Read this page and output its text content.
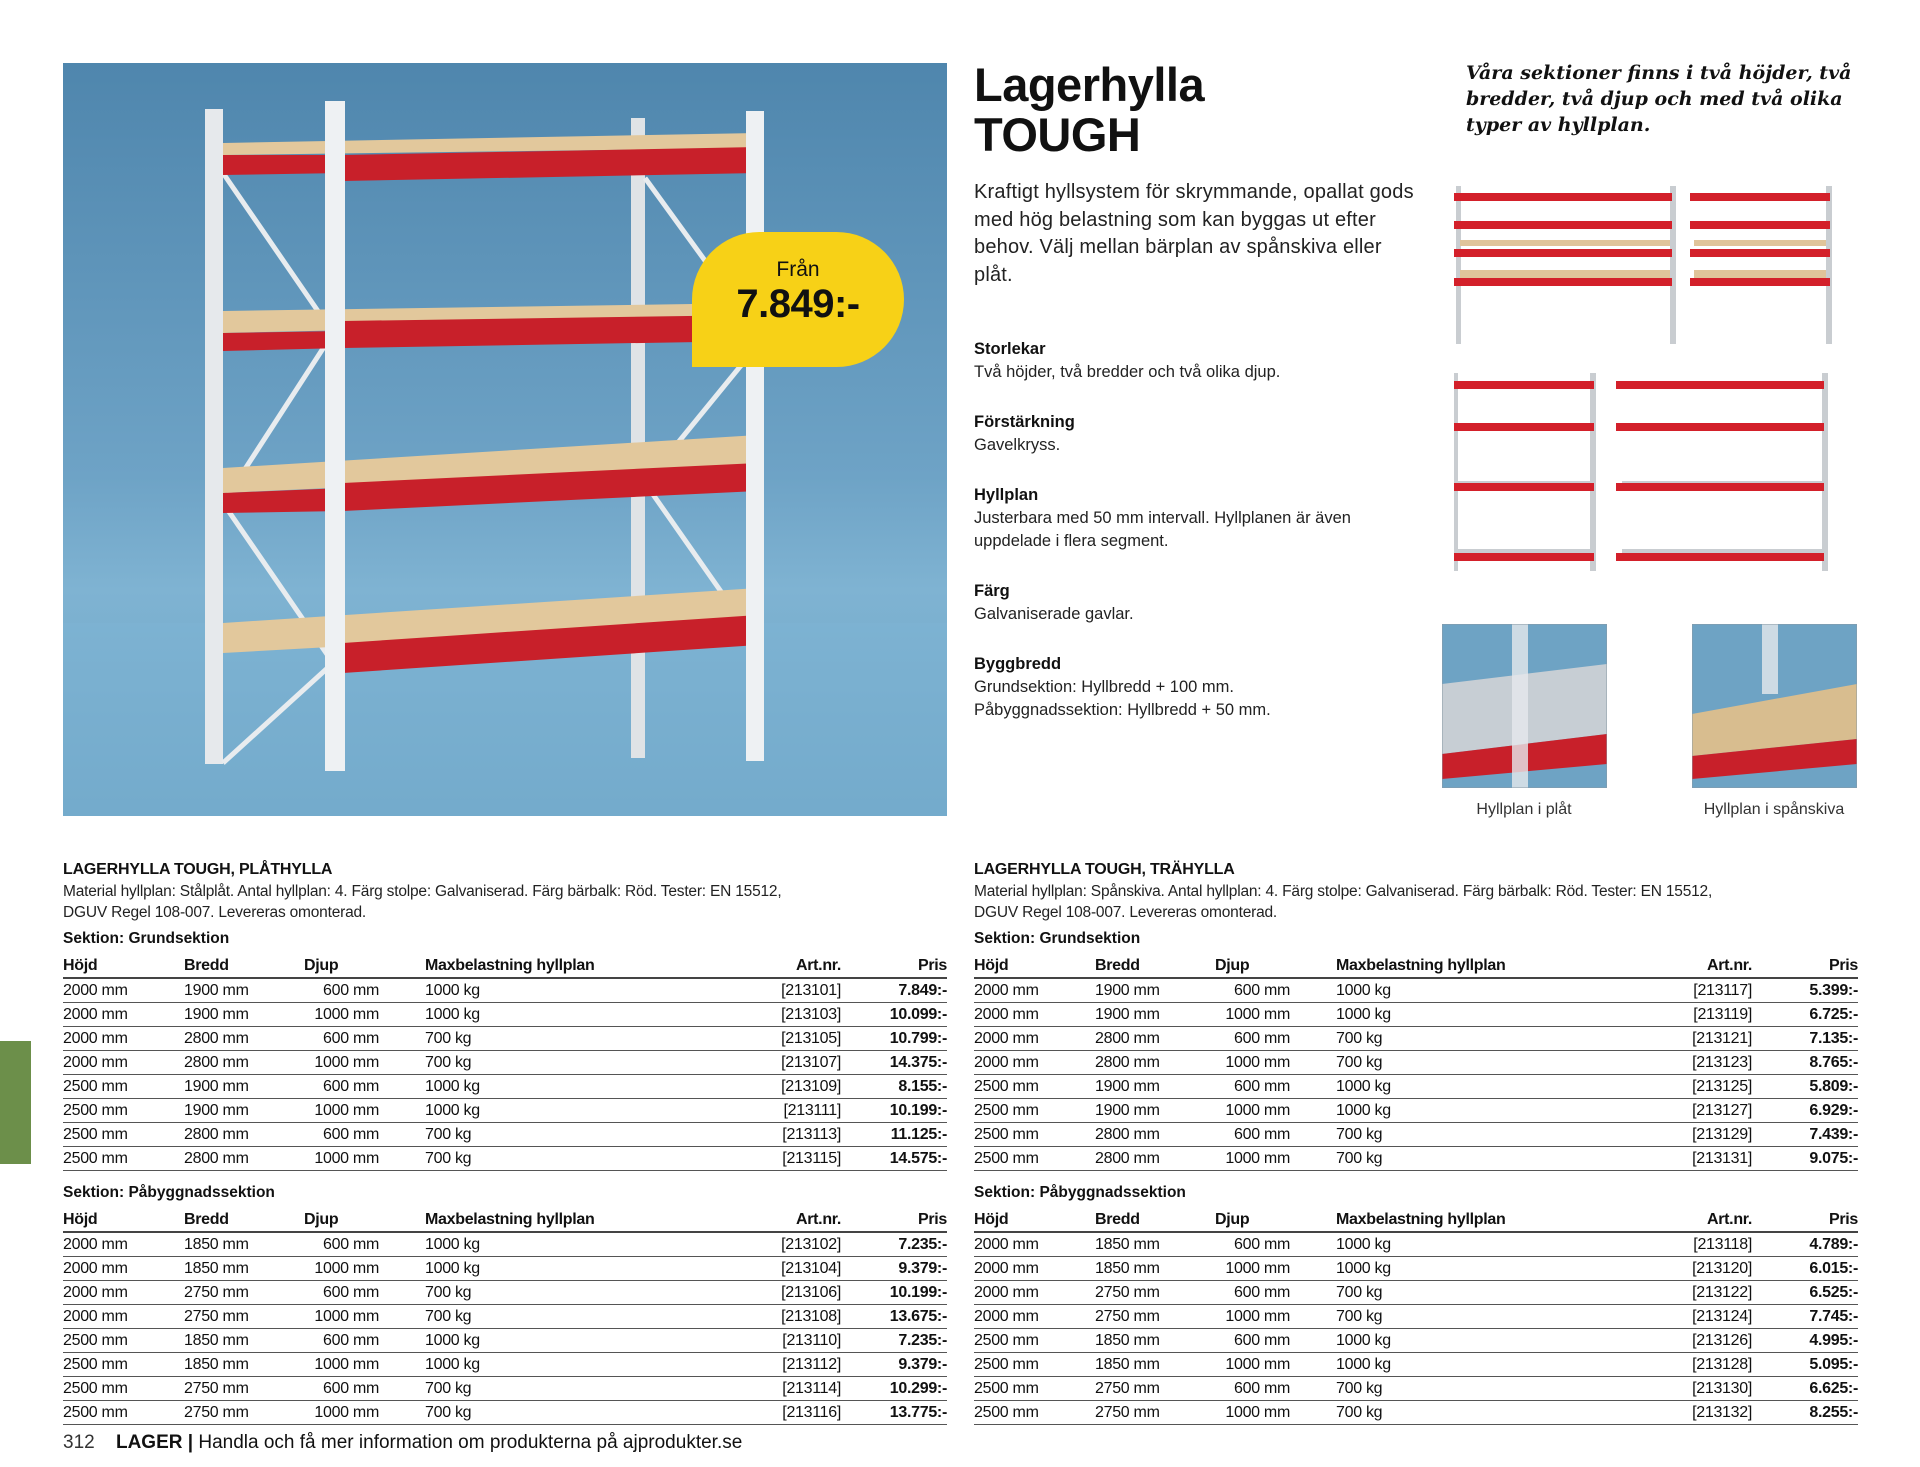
Från
7.849:-
Lagerhylla
TOUGH
Kraftigt hyllsystem för skrymmande, opallat gods med hög belastning som kan byggas ut efter behov. Välj mellan bärplan av spånskiva eller plåt.
Storlekar
Två höjder, två bredder och två olika djup.
Förstärkning
Gavelkryss.
Hyllplan
Justerbara med 50 mm intervall. Hyllplanen är även
uppdelade i flera segment.
Färg
Galvaniserade gavlar.
Byggbredd
Grundsektion: Hyllbredd + 100 mm.
Påbyggnadssektion: Hyllbredd + 50 mm.
Våra sektioner finns i två höjder, två bredder, två djup och med två olika typer av hyllplan.
Hyllplan i plåt	Hyllplan i spånskiva
LAGERHYLLA TOUGH, PLÅTHYLLA
Material hyllplan: Stålplåt. Antal hyllplan: 4. Färg stolpe: Galvaniserad. Färg bärbalk: Röd. Tester: EN 15512,
DGUV Regel 108-007. Levereras omonterad.
Sektion: Grundsektion
Höjd	Bredd	Djup	Maxbelastning hyllplan	Art.nr.	Pris
2000 mm	1900 mm	600 mm	1000 kg	[213101]	7.849:-
2000 mm	1900 mm	1000 mm	1000 kg	[213103]	10.099:-
2000 mm	2800 mm	600 mm	700 kg	[213105]	10.799:-
2000 mm	2800 mm	1000 mm	700 kg	[213107]	14.375:-
2500 mm	1900 mm	600 mm	1000 kg	[213109]	8.155:-
2500 mm	1900 mm	1000 mm	1000 kg	[213111]	10.199:-
2500 mm	2800 mm	600 mm	700 kg	[213113]	11.125:-
2500 mm	2800 mm	1000 mm	700 kg	[213115]	14.575:-
Sektion: Påbyggnadssektion
Höjd	Bredd	Djup	Maxbelastning hyllplan	Art.nr.	Pris
2000 mm	1850 mm	600 mm	1000 kg	[213102]	7.235:-
2000 mm	1850 mm	1000 mm	1000 kg	[213104]	9.379:-
2000 mm	2750 mm	600 mm	700 kg	[213106]	10.199:-
2000 mm	2750 mm	1000 mm	700 kg	[213108]	13.675:-
2500 mm	1850 mm	600 mm	1000 kg	[213110]	7.235:-
2500 mm	1850 mm	1000 mm	1000 kg	[213112]	9.379:-
2500 mm	2750 mm	600 mm	700 kg	[213114]	10.299:-
2500 mm	2750 mm	1000 mm	700 kg	[213116]	13.775:-
LAGERHYLLA TOUGH, TRÄHYLLA
Material hyllplan: Spånskiva. Antal hyllplan: 4. Färg stolpe: Galvaniserad. Färg bärbalk: Röd. Tester: EN 15512,
DGUV Regel 108-007. Levereras omonterad.
Sektion: Grundsektion
Höjd	Bredd	Djup	Maxbelastning hyllplan	Art.nr.	Pris
2000 mm	1900 mm	600 mm	1000 kg	[213117]	5.399:-
2000 mm	1900 mm	1000 mm	1000 kg	[213119]	6.725:-
2000 mm	2800 mm	600 mm	700 kg	[213121]	7.135:-
2000 mm	2800 mm	1000 mm	700 kg	[213123]	8.765:-
2500 mm	1900 mm	600 mm	1000 kg	[213125]	5.809:-
2500 mm	1900 mm	1000 mm	1000 kg	[213127]	6.929:-
2500 mm	2800 mm	600 mm	700 kg	[213129]	7.439:-
2500 mm	2800 mm	1000 mm	700 kg	[213131]	9.075:-
Sektion: Påbyggnadssektion
Höjd	Bredd	Djup	Maxbelastning hyllplan	Art.nr.	Pris
2000 mm	1850 mm	600 mm	1000 kg	[213118]	4.789:-
2000 mm	1850 mm	1000 mm	1000 kg	[213120]	6.015:-
2000 mm	2750 mm	600 mm	700 kg	[213122]	6.525:-
2000 mm	2750 mm	1000 mm	700 kg	[213124]	7.745:-
2500 mm	1850 mm	600 mm	1000 kg	[213126]	4.995:-
2500 mm	1850 mm	1000 mm	1000 kg	[213128]	5.095:-
2500 mm	2750 mm	600 mm	700 kg	[213130]	6.625:-
2500 mm	2750 mm	1000 mm	700 kg	[213132]	8.255:-
312 LAGER | Handla och få mer information om produkterna på ajprodukter.se
